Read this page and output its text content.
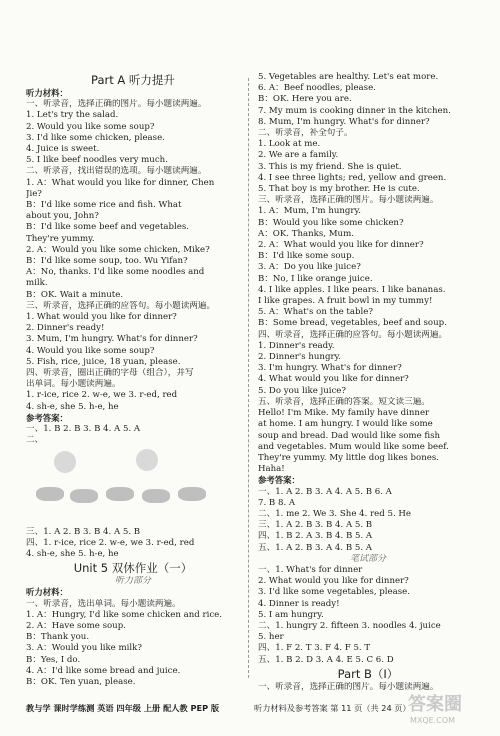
Part A 听力提升
听力材料：
一、听录音，选择正确的图片。每小题读两遍。
1. Let's try the salad.
2. Would you like some soup?
3. I'd like some chicken, please.
4. Juice is sweet.
5. I like beef noodles very much.
二、听录音，找出错误的选项。每小题读两遍。
1. A：What would you like for dinner, Chen
Jie?
B：I'd like some rice and fish. What
about you, John?
B：I'd like some beef and vegetables.
They're yummy.
2. A：Would you like some chicken, Mike?
B：I'd like some soup, too. Wu Yifan?
A：No, thanks. I'd like some noodles and
milk.
B：OK. Wait a minute.
三、听录音，选择正确的应答句。每小题读两遍。
1. What would you like for dinner?
2. Dinner's ready!
3. Mum, I'm hungry. What's for dinner?
4. Would you like some soup?
5. Fish, rice, juice, 18 yuan, please.
四、听录音，圈出正确的字母（组合），并写
出单词。每小题读两遍。
1. r-ice, rice 2. w-e, we 3. r-ed, red
4. sh-e, she 5. h-e, he
参考答案：
一、1. B 2. B 3. B 4. A 5. A
二、
三、1. A 2. B 3. B 4. A 5. B
四、1. r-ice, rice 2. w-e, we 3. r-ed, red
4. sh-e, she 5. h-e, he
Unit 5 双休作业（一）
听力部分
听力材料：
一、听录音，选出单词。每小题读两遍。
1. A：Hungry, I'd like some chicken and rice.
2. A：Have some soup.
B：Thank you.
3. A：Would you like milk?
B：Yes, I do.
4. A：I'd like some bread and juice.
B：OK. Ten yuan, please.
5. Vegetables are healthy. Let's eat more.
6. A：Beef noodles, please.
B：OK. Here you are.
7. My mum is cooking dinner in the kitchen.
8. Mum, I'm hungry. What's for dinner?
二、听录音，补全句子。
1. Look at me.
2. We are a family.
3. This is my friend. She is quiet.
4. I see three lights; red, yellow and green.
5. That boy is my brother. He is cute.
三、听录音，选择正确的图片。每小题读两遍。
1. A：Mum, I'm hungry.
B：Would you like some chicken?
A：OK. Thanks, Mum.
2. A：What would you like for dinner?
B：I'd like some soup.
3. A：Do you like juice?
B：No, I like orange juice.
4. I like apples. I like pears. I like bananas.
I like grapes. A fruit bowl in my tummy!
5. A：What's on the table?
B：Some bread, vegetables, beef and soup.
四、听录音，选择正确的应答句。每小题读两遍。
1. Dinner's ready.
2. Dinner's hungry.
3. I'm hungry. What's for dinner?
4. What would you like for dinner?
5. Do you like juice?
五、听录音，选择正确的答案。短文读三遍。
Hello! I'm Mike. My family have dinner
at home. I am hungry. I would like some
soup and bread. Dad would like some fish
and vegetables. Mum would like some beef.
They're yummy. My little dog likes bones.
Haha!
参考答案：
一、1. A 2. B 3. A 4. A 5. B 6. A
7. B 8. A
二、1. me 2. We 3. She 4. red 5. He
三、1. A 2. B 3. B 4. A 5. B
四、1. B 2. A 3. B 4. B 5. A
五、1. A 2. B 3. A 4. B 5. A
笔试部分
一、1. What's for dinner
2. What would you like for dinner?
3. I'd like some vegetables, please.
4. Dinner is ready!
5. I am hungry.
二、1. hungry 2. fifteen 3. noodles 4. juice
5. her
四、1. F 2. T 3. F 4. F 5. T
五、1. B 2. D 3. A 4. E 5. C 6. D
Part B（I）
一、听录音，选择正确的图片。每小题读两遍。
教与学 课时学练测 英语 四年级 上册 配人教 PEP 版	听力材料及参考答案 第 11 页（共 24 页）
答案圈
MXQE.COM
